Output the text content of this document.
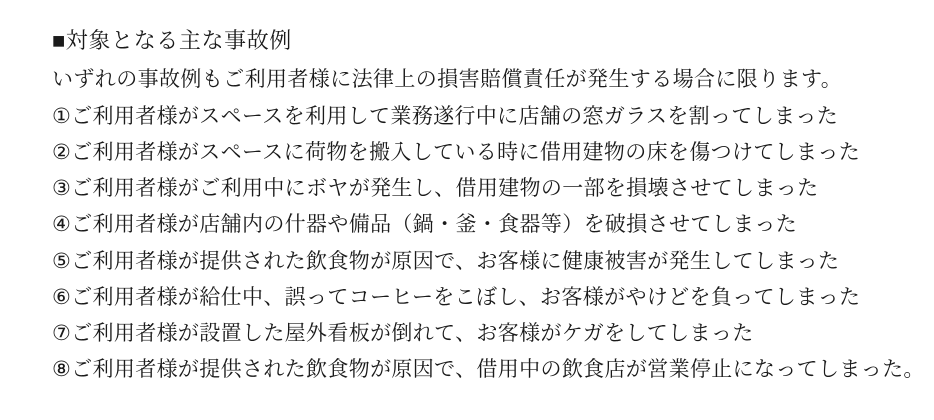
■対象となる主な事故例

いずれの事故例もご利用者様に法律上の損害賠償責任が発生する場合に限ります。

①ご利用者様がスペースを利用して業務遂行中に店舗の窓ガラスを割ってしまった
②ご利用者様がスペースに荷物を搬入している時に借用建物の床を傷つけてしまった
③ご利用者様がご利用中にボヤが発生し、借用建物の一部を損壊させてしまった
④ご利用者様が店舗内の什器や備品（鍋・釜・食器等）を破損させてしまった
⑤ご利用者様が提供された飲食物が原因で、お客様に健康被害が発生してしまった
⑥ご利用者様が給仕中、誤ってコーヒーをこぼし、お客様がやけどを負ってしまった
⑦ご利用者様が設置した屋外看板が倒れて、お客様がケガをしてしまった
⑧ご利用者様が提供された飲食物が原因で、借用中の飲食店が営業停止になってしまった。
